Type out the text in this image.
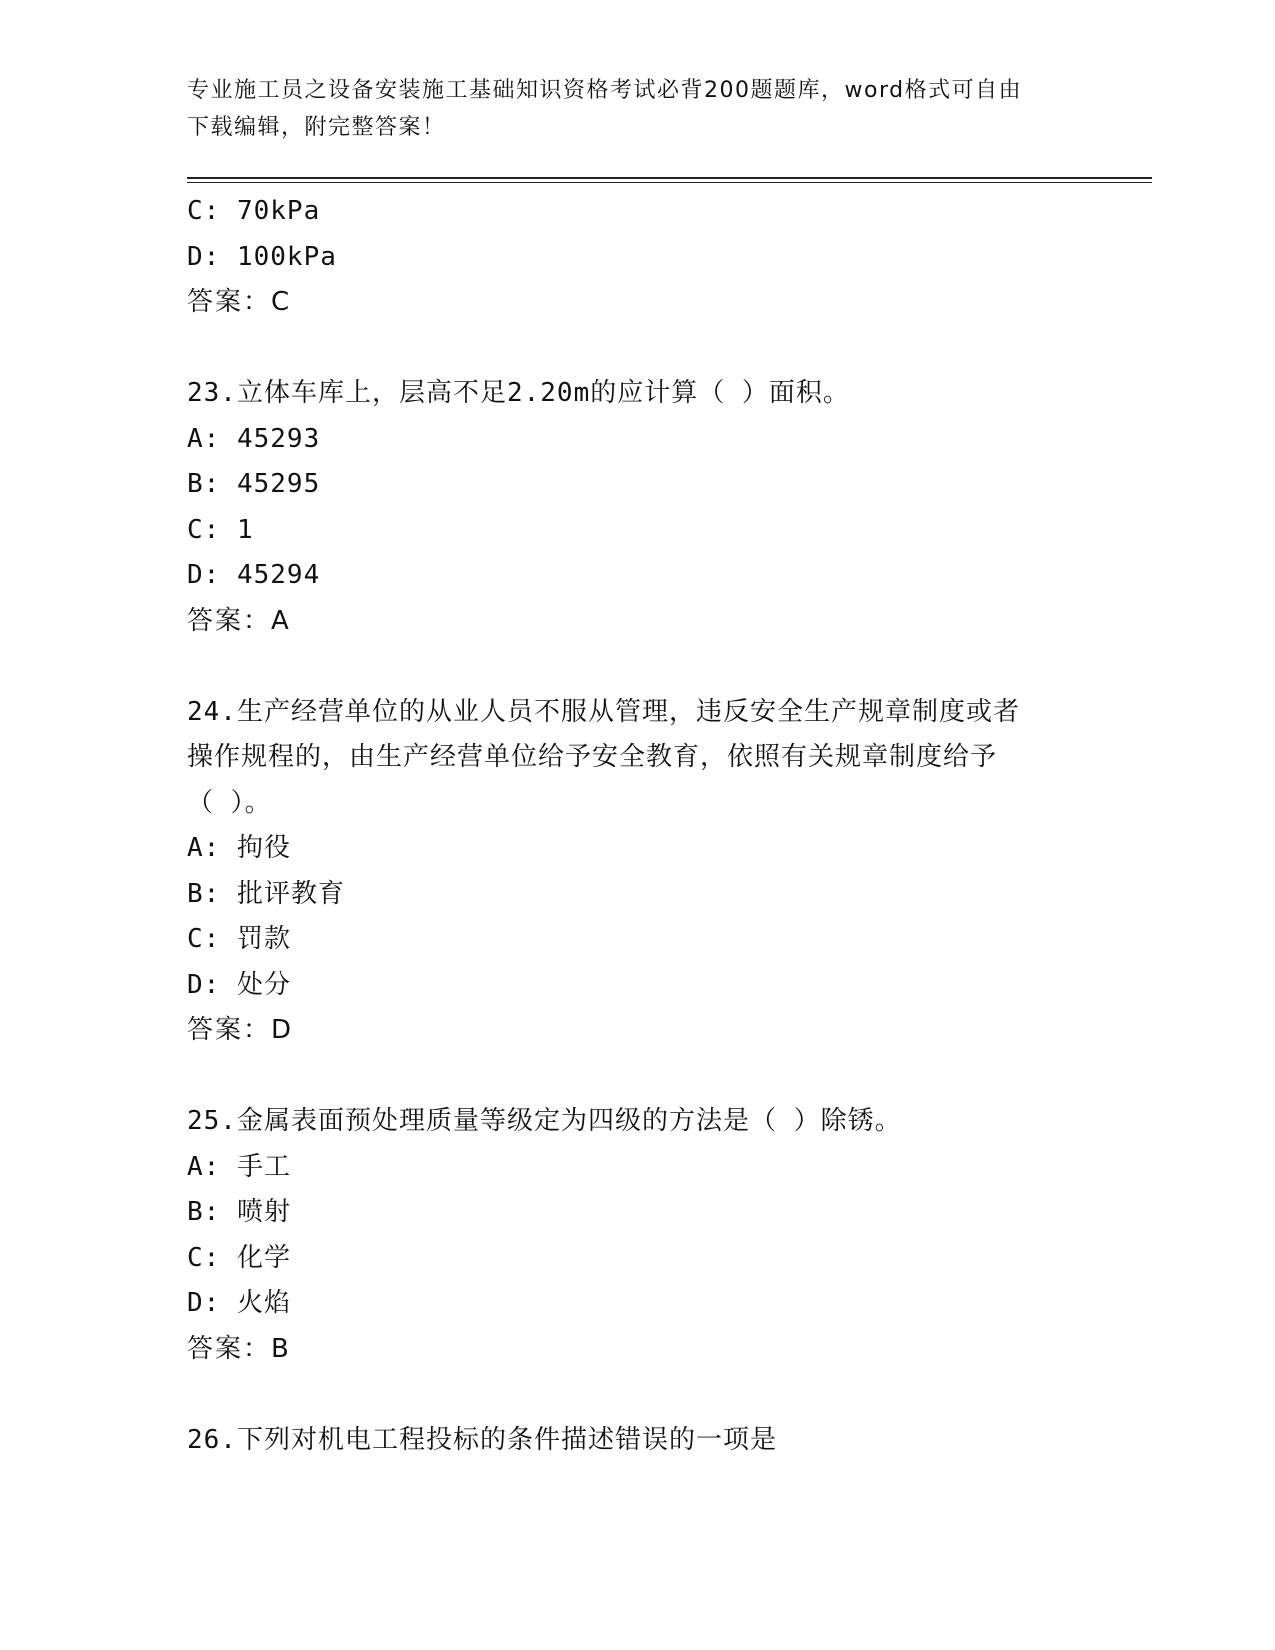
专业施工员之设备安装施工基础知识资格考试必背200题题库，word格式可自由
下载编辑，附完整答案！
C: 70kPa
D: 100kPa
答案：C
23.立体车库上，层高不足2.20m的应计算（ ）面积。
A: 45293
B: 45295
C: 1
D: 45294
答案：A
24.生产经营单位的从业人员不服从管理，违反安全生产规章制度或者
操作规程的，由生产经营单位给予安全教育，依照有关规章制度给予
（ ）。
A: 拘役
B: 批评教育
C: 罚款
D: 处分
答案：D
25.金属表面预处理质量等级定为四级的方法是（ ）除锈。
A: 手工
B: 喷射
C: 化学
D: 火焰
答案：B
26.下列对机电工程投标的条件描述错误的一项是
